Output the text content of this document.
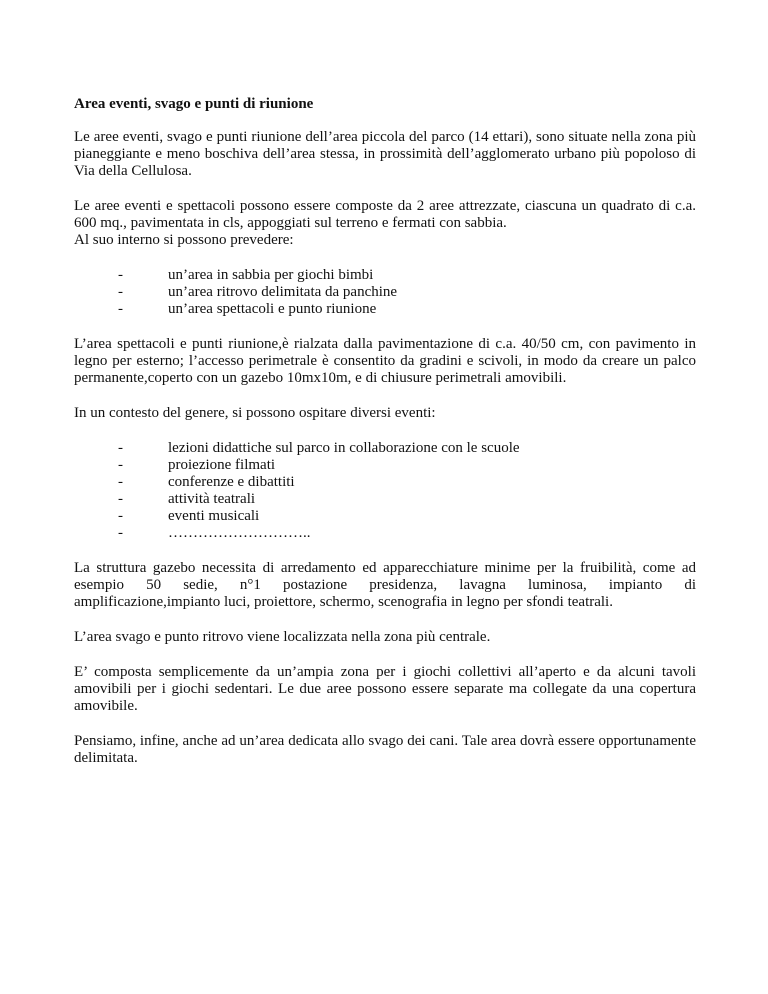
Area eventi, svago e punti di riunione

Le aree eventi, svago e punti riunione dell’area piccola del parco (14 ettari), sono situate nella zona più pianeggiante e meno boschiva dell’area stessa, in prossimità dell’agglomerato urbano più popoloso di Via della Cellulosa.

Le aree eventi e spettacoli possono essere composte da 2 aree attrezzate, ciascuna un quadrato di c.a. 600 mq., pavimentata in cls, appoggiati sul terreno e fermati con sabbia.
Al suo interno si possono prevedere:

-	un’area in sabbia per giochi bimbi
-	un’area ritrovo delimitata da panchine
-	un’area spettacoli e punto riunione

L’area spettacoli e punti riunione,è rialzata dalla pavimentazione di c.a. 40/50 cm, con pavimento in legno per esterno; l’accesso perimetrale è consentito da gradini e scivoli, in modo da creare un palco permanente,coperto con un gazebo 10mx10m, e di chiusure perimetrali amovibili.

In un contesto del genere, si possono ospitare diversi eventi:

-	lezioni didattiche sul parco in collaborazione con le scuole
-	proiezione filmati
-	conferenze e dibattiti
-	attività teatrali
-	eventi musicali
-	………………………..

La struttura gazebo necessita di arredamento ed apparecchiature minime per la fruibilità, come ad
esempio 50 sedie, n°1 postazione presidenza, lavagna luminosa, impianto di
amplificazione,impianto luci, proiettore, schermo, scenografia in legno per sfondi teatrali.

L’area svago e punto ritrovo viene localizzata nella zona più centrale.

E’ composta semplicemente da un’ampia zona per i giochi collettivi all’aperto e da alcuni tavoli amovibili per i giochi sedentari. Le due aree possono essere separate ma collegate da una copertura amovibile.

Pensiamo, infine, anche ad un’area dedicata allo svago dei cani. Tale area dovrà essere opportunamente delimitata.
